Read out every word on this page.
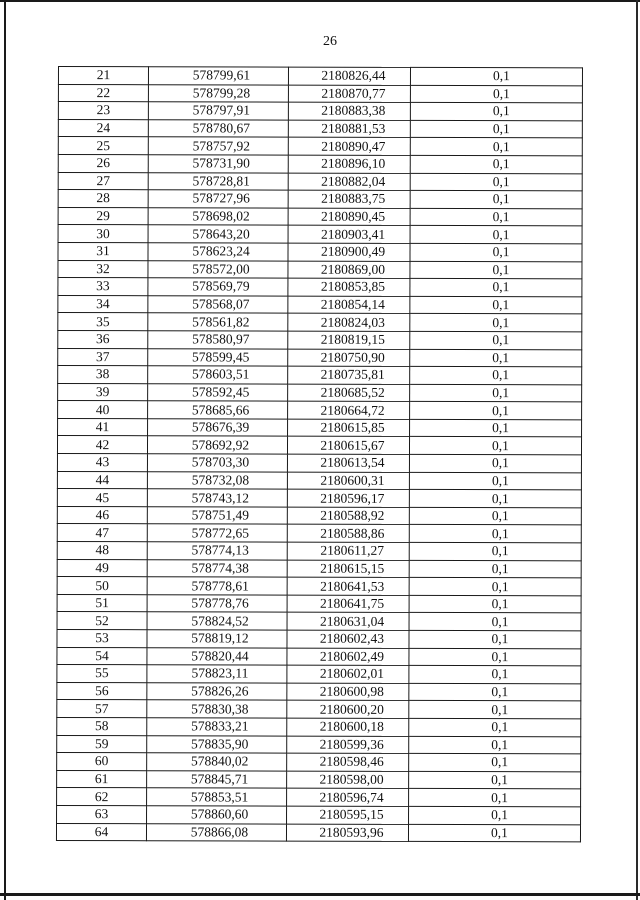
26
21	578799,61	2180826,44	0,1
22	578799,28	2180870,77	0,1
23	578797,91	2180883,38	0,1
24	578780,67	2180881,53	0,1
25	578757,92	2180890,47	0,1
26	578731,90	2180896,10	0,1
27	578728,81	2180882,04	0,1
28	578727,96	2180883,75	0,1
29	578698,02	2180890,45	0,1
30	578643,20	2180903,41	0,1
31	578623,24	2180900,49	0,1
32	578572,00	2180869,00	0,1
33	578569,79	2180853,85	0,1
34	578568,07	2180854,14	0,1
35	578561,82	2180824,03	0,1
36	578580,97	2180819,15	0,1
37	578599,45	2180750,90	0,1
38	578603,51	2180735,81	0,1
39	578592,45	2180685,52	0,1
40	578685,66	2180664,72	0,1
41	578676,39	2180615,85	0,1
42	578692,92	2180615,67	0,1
43	578703,30	2180613,54	0,1
44	578732,08	2180600,31	0,1
45	578743,12	2180596,17	0,1
46	578751,49	2180588,92	0,1
47	578772,65	2180588,86	0,1
48	578774,13	2180611,27	0,1
49	578774,38	2180615,15	0,1
50	578778,61	2180641,53	0,1
51	578778,76	2180641,75	0,1
52	578824,52	2180631,04	0,1
53	578819,12	2180602,43	0,1
54	578820,44	2180602,49	0,1
55	578823,11	2180602,01	0,1
56	578826,26	2180600,98	0,1
57	578830,38	2180600,20	0,1
58	578833,21	2180600,18	0,1
59	578835,90	2180599,36	0,1
60	578840,02	2180598,46	0,1
61	578845,71	2180598,00	0,1
62	578853,51	2180596,74	0,1
63	578860,60	2180595,15	0,1
64	578866,08	2180593,96	0,1
